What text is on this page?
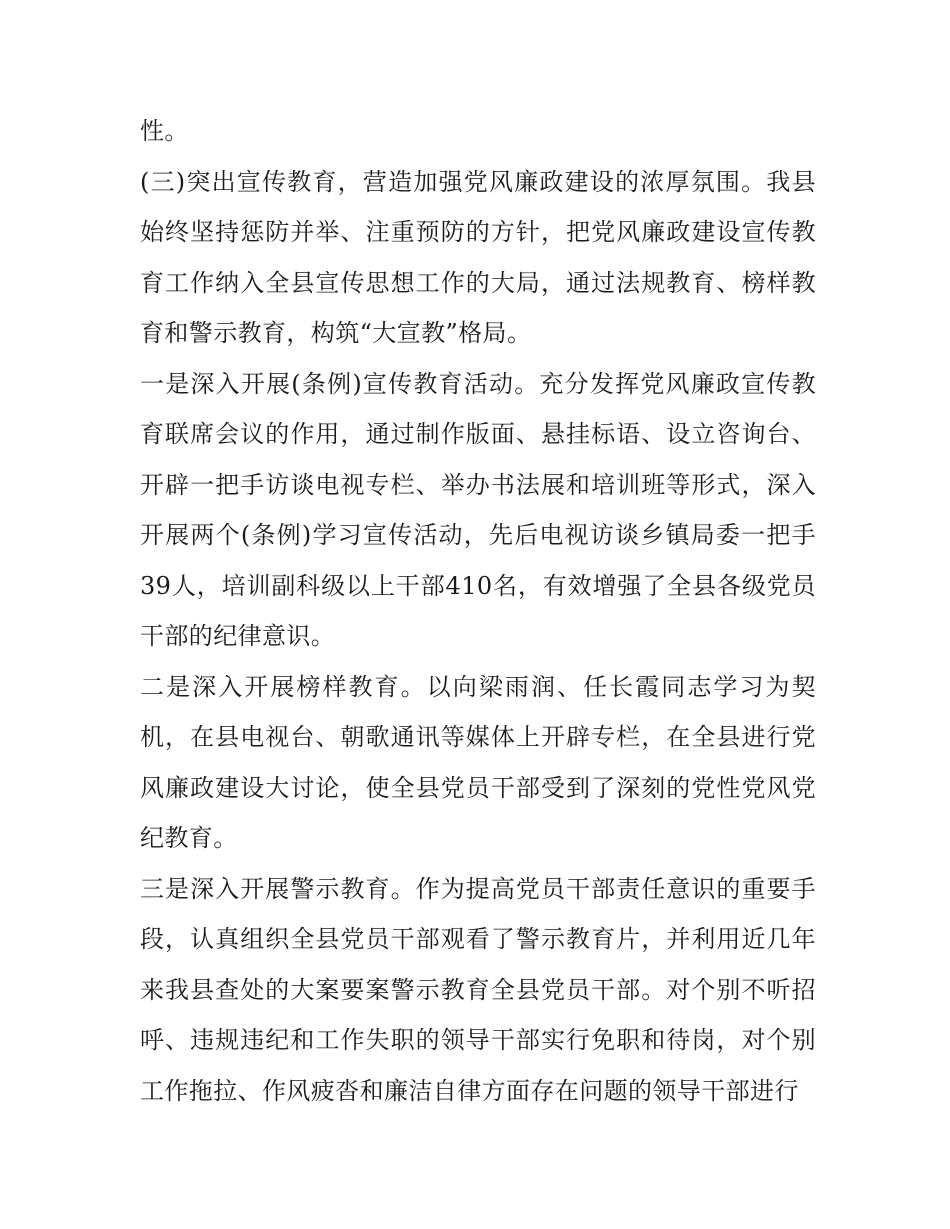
性。

(三)突出宣传教育，营造加强党风廉政建设的浓厚氛围。我县始终坚持惩防并举、注重预防的方针，把党风廉政建设宣传教育工作纳入全县宣传思想工作的大局，通过法规教育、榜样教育和警示教育，构筑“大宣教”格局。

一是深入开展(条例)宣传教育活动。充分发挥党风廉政宣传教育联席会议的作用，通过制作版面、悬挂标语、设立咨询台、开辟一把手访谈电视专栏、举办书法展和培训班等形式，深入开展两个(条例)学习宣传活动，先后电视访谈乡镇局委一把手39人，培训副科级以上干部410名，有效增强了全县各级党员干部的纪律意识。

二是深入开展榜样教育。以向梁雨润、任长霞同志学习为契机，在县电视台、朝歌通讯等媒体上开辟专栏，在全县进行党风廉政建设大讨论，使全县党员干部受到了深刻的党性党风党纪教育。

三是深入开展警示教育。作为提高党员干部责任意识的重要手段，认真组织全县党员干部观看了警示教育片，并利用近几年来我县查处的大案要案警示教育全县党员干部。对个别不听招呼、违规违纪和工作失职的领导干部实行免职和待岗，对个别工作拖拉、作风疲沓和廉洁自律方面存在问题的领导干部进行
